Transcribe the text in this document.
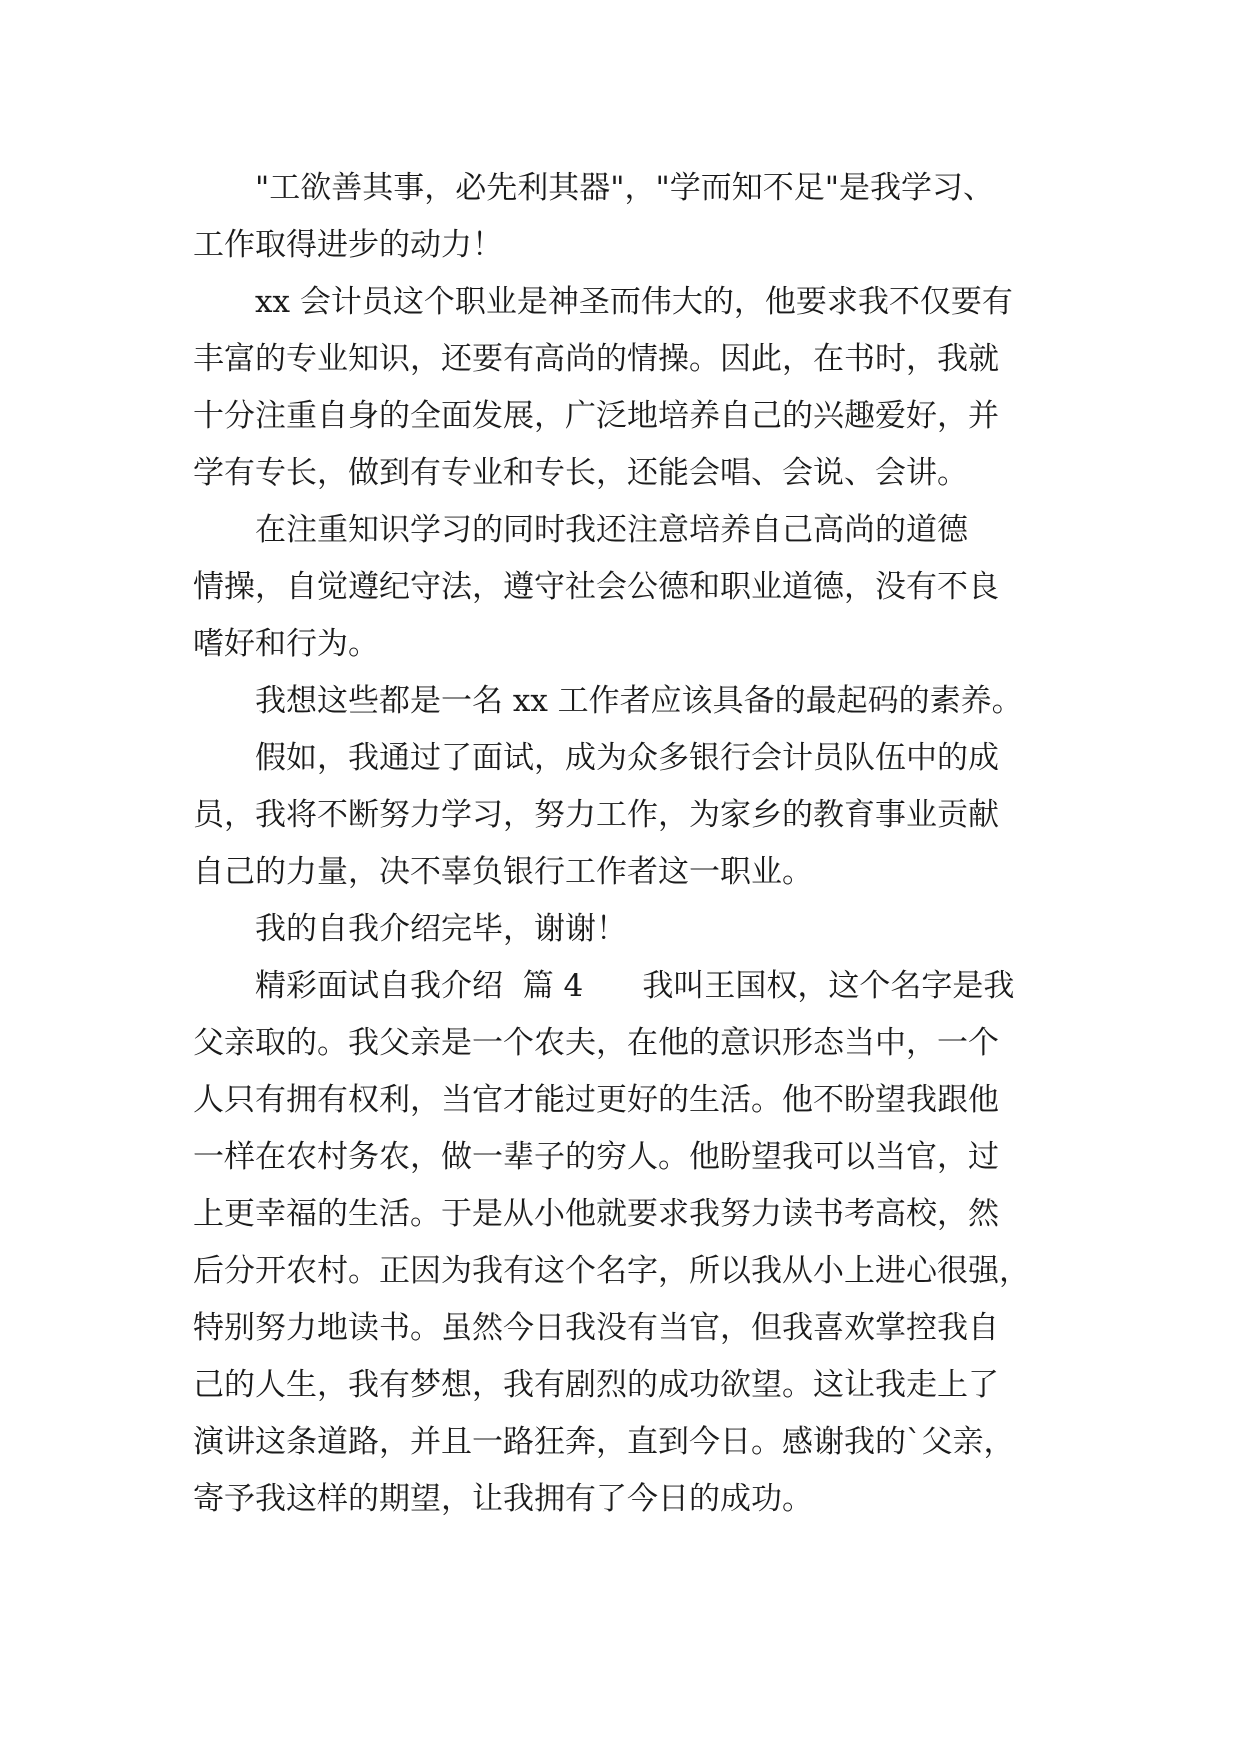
"工欲善其事，必先利其器"，"学而知不足"是我学习、
工作取得进步的动力！
xx 会计员这个职业是神圣而伟大的，他要求我不仅要有
丰富的专业知识，还要有高尚的情操。因此，在书时，我就
十分注重自身的全面发展，广泛地培养自己的兴趣爱好，并
学有专长，做到有专业和专长，还能会唱、会说、会讲。
在注重知识学习的同时我还注意培养自己高尚的道德
情操，自觉遵纪守法，遵守社会公德和职业道德，没有不良
嗜好和行为。
我想这些都是一名 xx 工作者应该具备的最起码的素养。
假如，我通过了面试，成为众多银行会计员队伍中的成
员，我将不断努力学习，努力工作，为家乡的教育事业贡献
自己的力量，决不辜负银行工作者这一职业。
我的自我介绍完毕，谢谢！
精彩面试自我介绍  篇 4      我叫王国权，这个名字是我
父亲取的。我父亲是一个农夫，在他的意识形态当中，一个
人只有拥有权利，当官才能过更好的生活。他不盼望我跟他
一样在农村务农，做一辈子的穷人。他盼望我可以当官，过
上更幸福的生活。于是从小他就要求我努力读书考高校，然
后分开农村。正因为我有这个名字，所以我从小上进心很强，
特别努力地读书。虽然今日我没有当官，但我喜欢掌控我自
己的人生，我有梦想，我有剧烈的成功欲望。这让我走上了
演讲这条道路，并且一路狂奔，直到今日。感谢我的`父亲，
寄予我这样的期望，让我拥有了今日的成功。
